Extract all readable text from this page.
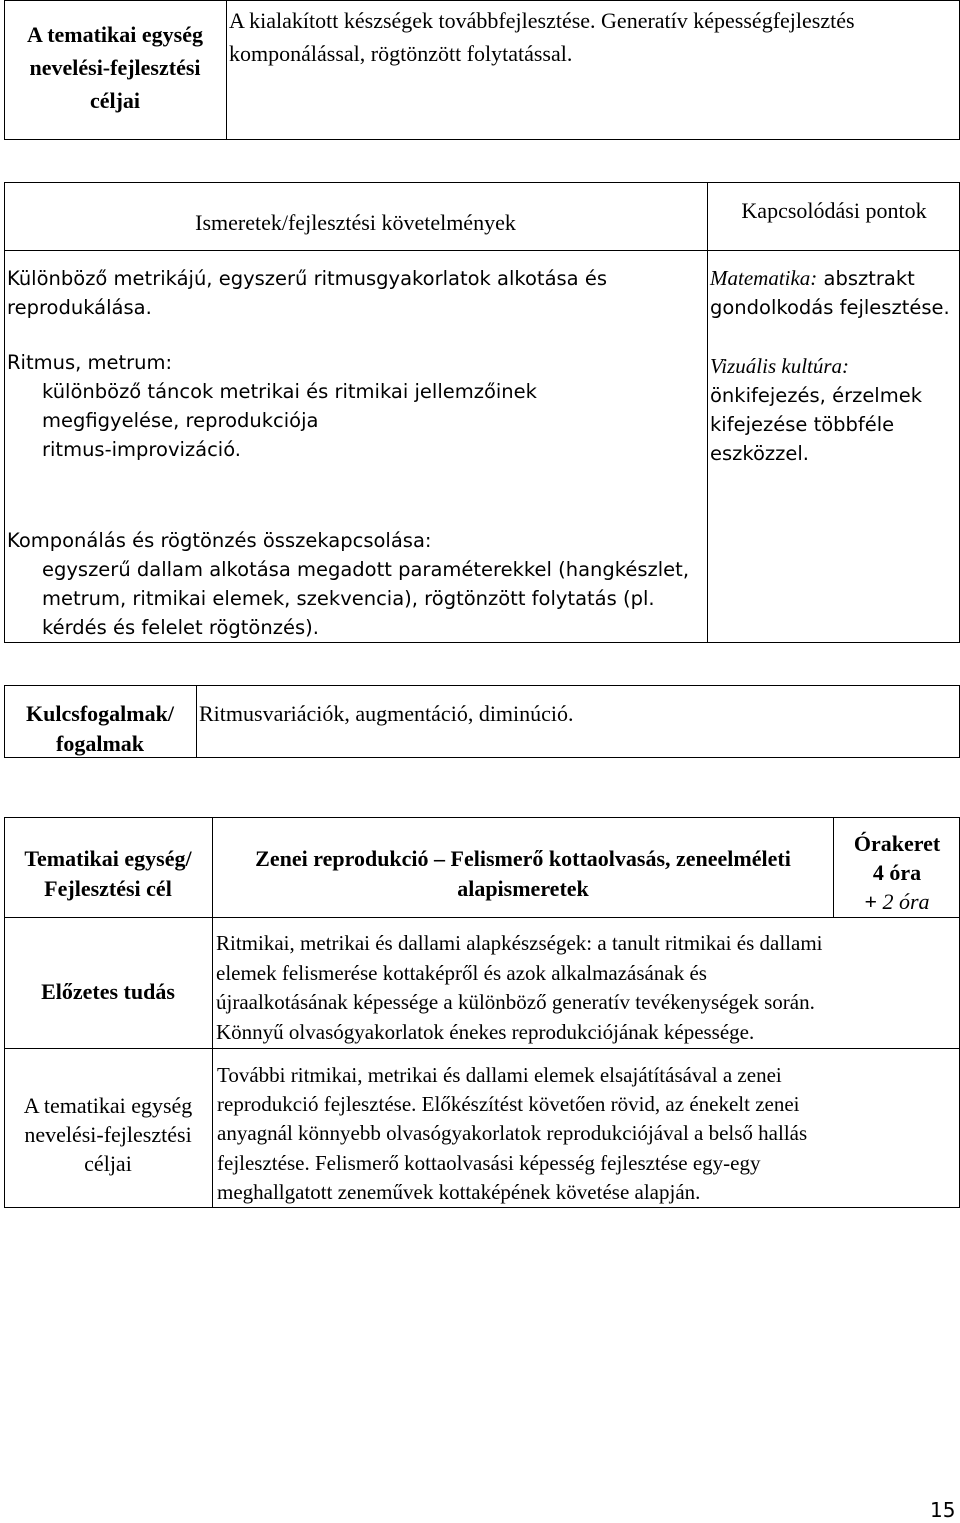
A tematikai egység
nevelési-fejlesztési
céljai
A kialakított készségek továbbfejlesztése. Generatív képességfejlesztés
komponálással, rögtönzött folytatással.
Ismeretek/fejlesztési követelmények	Kapcsolódási pontok
Különböző metrikájú, egyszerű ritmusgyakorlatok alkotása és
reprodukálása.
Ritmus, metrum:
különböző táncok metrikai és ritmikai jellemzőinek
megfigyelése, reprodukciója
ritmus-improvizáció.
Komponálás és rögtönzés összekapcsolása:
egyszerű dallam alkotása megadott paraméterekkel (hangkészlet,
metrum, ritmikai elemek, szekvencia), rögtönzött folytatás (pl.
kérdés és felelet rögtönzés).
Matematika: absztrakt
gondolkodás fejlesztése.
Vizuális kultúra:
önkifejezés, érzelmek
kifejezése többféle
eszközzel.
Kulcsfogalmak/
fogalmak
Ritmusvariációk, augmentáció, diminúció.
Tematikai egység/
Fejlesztési cél
Zenei reprodukció – Felismerő kottaolvasás, zeneelméleti
alapismeretek
Órakeret
4 óra
+ 2 óra
Előzetes tudás
Ritmikai, metrikai és dallami alapkészségek: a tanult ritmikai és dallami
elemek felismerése kottaképről és azok alkalmazásának és
újraalkotásának képessége a különböző generatív tevékenységek során.
Könnyű olvasógyakorlatok énekes reprodukciójának képessége.
A tematikai egység
nevelési-fejlesztési
céljai
További ritmikai, metrikai és dallami elemek elsajátításával a zenei
reprodukció fejlesztése. Előkészítést követően rövid, az énekelt zenei
anyagnál könnyebb olvasógyakorlatok reprodukciójával a belső hallás
fejlesztése. Felismerő kottaolvasási képesség fejlesztése egy-egy
meghallgatott zeneművek kottaképének követése alapján.
15
